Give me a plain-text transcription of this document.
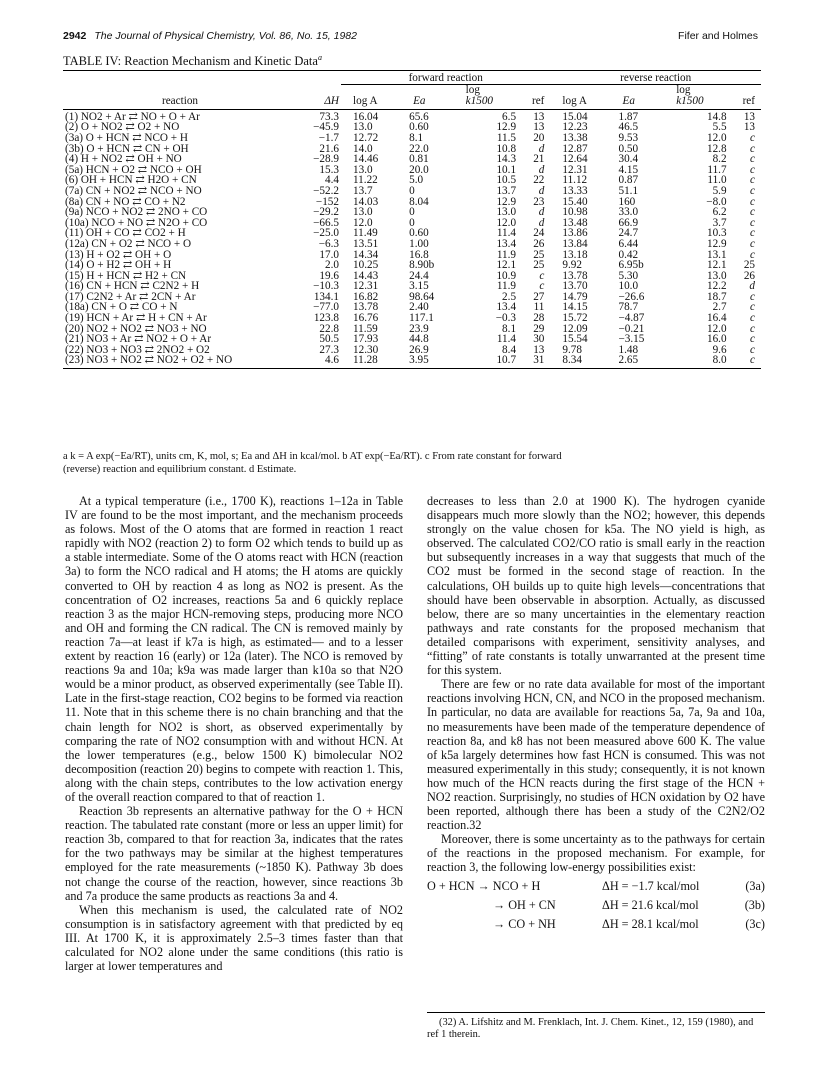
2942 The Journal of Physical Chemistry, Vol. 86, No. 15, 1982	Fifer and Holmes
TABLE IV: Reaction Mechanism and Kinetic Data$^a$
		forward reaction				reverse reaction			
				log				log	
reaction	ΔH	log A	Ea	k1500	ref	log A	Ea	k1500	ref
(1) NO2 + Ar ⇄ NO + O + Ar	73.3	16.04	65.6	6.5	13	15.04	1.87	14.8	13
(2) O + NO2 ⇄ O2 + NO	−45.9	13.0	0.60	12.9	13	12.23	46.5	5.5	13
(3a) O + HCN ⇄ NCO + H	−1.7	12.72	8.1	11.5	20	13.38	9.53	12.0	c
(3b) O + HCN ⇄ CN + OH	21.6	14.0	22.0	10.8	d	12.87	0.50	12.8	c
(4) H + NO2 ⇄ OH + NO	−28.9	14.46	0.81	14.3	21	12.64	30.4	8.2	c
(5a) HCN + O2 ⇄ NCO + OH	15.3	13.0	20.0	10.1	d	12.31	4.15	11.7	c
(6) OH + HCN ⇄ H2O + CN	4.4	11.22	5.0	10.5	22	11.12	0.87	11.0	c
(7a) CN + NO2 ⇄ NCO + NO	−52.2	13.7	0	13.7	d	13.33	51.1	5.9	c
(8a) CN + NO ⇄ CO + N2	−152	14.03	8.04	12.9	23	15.40	160	−8.0	c
(9a) NCO + NO2 ⇄ 2NO + CO	−29.2	13.0	0	13.0	d	10.98	33.0	6.2	c
(10a) NCO + NO ⇄ N2O + CO	−66.5	12.0	0	12.0	d	13.48	66.9	3.7	c
(11) OH + CO ⇄ CO2 + H	−25.0	11.49	0.60	11.4	24	13.86	24.7	10.3	c
(12a) CN + O2 ⇄ NCO + O	−6.3	13.51	1.00	13.4	26	13.84	6.44	12.9	c
(13) H + O2 ⇄ OH + O	17.0	14.34	16.8	11.9	25	13.18	0.42	13.1	c
(14) O + H2 ⇄ OH + H	2.0	10.25	8.90b	12.1	25	9.92	6.95b	12.1	25
(15) H + HCN ⇄ H2 + CN	19.6	14.43	24.4	10.9	c	13.78	5.30	13.0	26
(16) CN + HCN ⇄ C2N2 + H	−10.3	12.31	3.15	11.9	c	13.70	10.0	12.2	d
(17) C2N2 + Ar ⇄ 2CN + Ar	134.1	16.82	98.64	2.5	27	14.79	−26.6	18.7	c
(18a) CN + O ⇄ CO + N	−77.0	13.78	2.40	13.4	11	14.15	78.7	2.7	c
(19) HCN + Ar ⇄ H + CN + Ar	123.8	16.76	117.1	−0.3	28	15.72	−4.87	16.4	c
(20) NO2 + NO2 ⇄ NO3 + NO	22.8	11.59	23.9	8.1	29	12.09	−0.21	12.0	c
(21) NO3 + Ar ⇄ NO2 + O + Ar	50.5	17.93	44.8	11.4	30	15.54	−3.15	16.0	c
(22) NO3 + NO3 ⇄ 2NO2 + O2	27.3	12.30	26.9	8.4	13	9.78	1.48	9.6	c
(23) NO3 + NO2 ⇄ NO2 + O2 + NO	4.6	11.28	3.95	10.7	31	8.34	2.65	8.0	c
a k = A exp(−Ea/RT), units cm, K, mol, s; Ea and ΔH in kcal/mol. b AT exp(−Ea/RT). c From rate constant for forward
(reverse) reaction and equilibrium constant. d Estimate.

At a typical temperature (i.e., 1700 K), reactions 1–12a in Table IV are found to be the most important, and the mechanism proceeds as folows. Most of the O atoms that are formed in reaction 1 react rapidly with NO2 (reaction 2) to form O2 which tends to build up as a stable intermediate. Some of the O atoms react with HCN (reaction 3a) to form the NCO radical and H atoms; the H atoms are quickly converted to OH by reaction 4 as long as NO2 is present. As the concentration of O2 increases, reactions 5a and 6 quickly replace reaction 3 as the major HCN-removing steps, producing more NCO and OH and forming the CN radical. The CN is removed mainly by reaction 7a—at least if k7a is high, as estimated— and to a lesser extent by reaction 16 (early) or 12a (later). The NCO is removed by reactions 9a and 10a; k9a was made larger than k10a so that N2O would be a minor product, as observed experimentally (see Table II). Late in the first-stage reaction, CO2 begins to be formed via reaction 11. Note that in this scheme there is no chain branching and that the chain length for NO2 is short, as observed experimentally by comparing the rate of NO2 consumption with and without HCN. At the lower temperatures (e.g., below 1500 K) bimolecular NO2 decomposition (reaction 20) begins to compete with reaction 1. This, along with the chain steps, contributes to the low activation energy of the overall reaction compared to that of reaction 1.

Reaction 3b represents an alternative pathway for the O + HCN reaction. The tabulated rate constant (more or less an upper limit) for reaction 3b, compared to that for reaction 3a, indicates that the rates for the two pathways may be similar at the highest temperatures employed for the rate measurements (~1850 K). Pathway 3b does not change the course of the reaction, however, since reactions 3b and 7a produce the same products as reactions 3a and 4.

When this mechanism is used, the calculated rate of NO2 consumption is in satisfactory agreement with that predicted by eq III. At 1700 K, it is approximately 2.5–3 times faster than that calculated for NO2 alone under the same conditions (this ratio is larger at lower temperatures and

decreases to less than 2.0 at 1900 K). The hydrogen cyanide disappears much more slowly than the NO2; however, this depends strongly on the value chosen for k5a. The NO yield is high, as observed. The calculated CO2/CO ratio is small early in the reaction but subsequently increases in a way that suggests that much of the CO2 must be formed in the second stage of reaction. In the calculations, OH builds up to quite high levels—concentrations that should have been observable in absorption. Actually, as discussed below, there are so many uncertainties in the elementary reaction pathways and rate constants for the proposed mechanism that detailed comparisons with experiment, sensitivity analyses, and “fitting” of rate constants is totally unwarranted at the present time for this system.

There are few or no rate data available for most of the important reactions involving HCN, CN, and NCO in the proposed mechanism. In particular, no data are available for reactions 5a, 7a, 9a and 10a, no measurements have been made of the temperature dependence of reaction 8a, and k8 has not been measured above 600 K. The value of k5a largely determines how fast HCN is consumed. This was not measured experimentally in this study; consequently, it is not known how much of the HCN reacts during the first stage of the HCN + NO2 reaction. Surprisingly, no studies of HCN oxidation by O2 have been reported, although there has been a study of the C2N2/O2 reaction.32

Moreover, there is some uncertainty as to the pathways for certain of the reactions in the proposed mechanism. For example, for reaction 3, the following low-energy possibilities exist:

O + HCN → NCO + H	ΔH = −1.7 kcal/mol	(3a)
→ OH + CN	ΔH = 21.6 kcal/mol	(3b)
→ CO + NH	ΔH = 28.1 kcal/mol	(3c)
(32) A. Lifshitz and M. Frenklach, Int. J. Chem. Kinet., 12, 159 (1980), and ref 1 therein.
